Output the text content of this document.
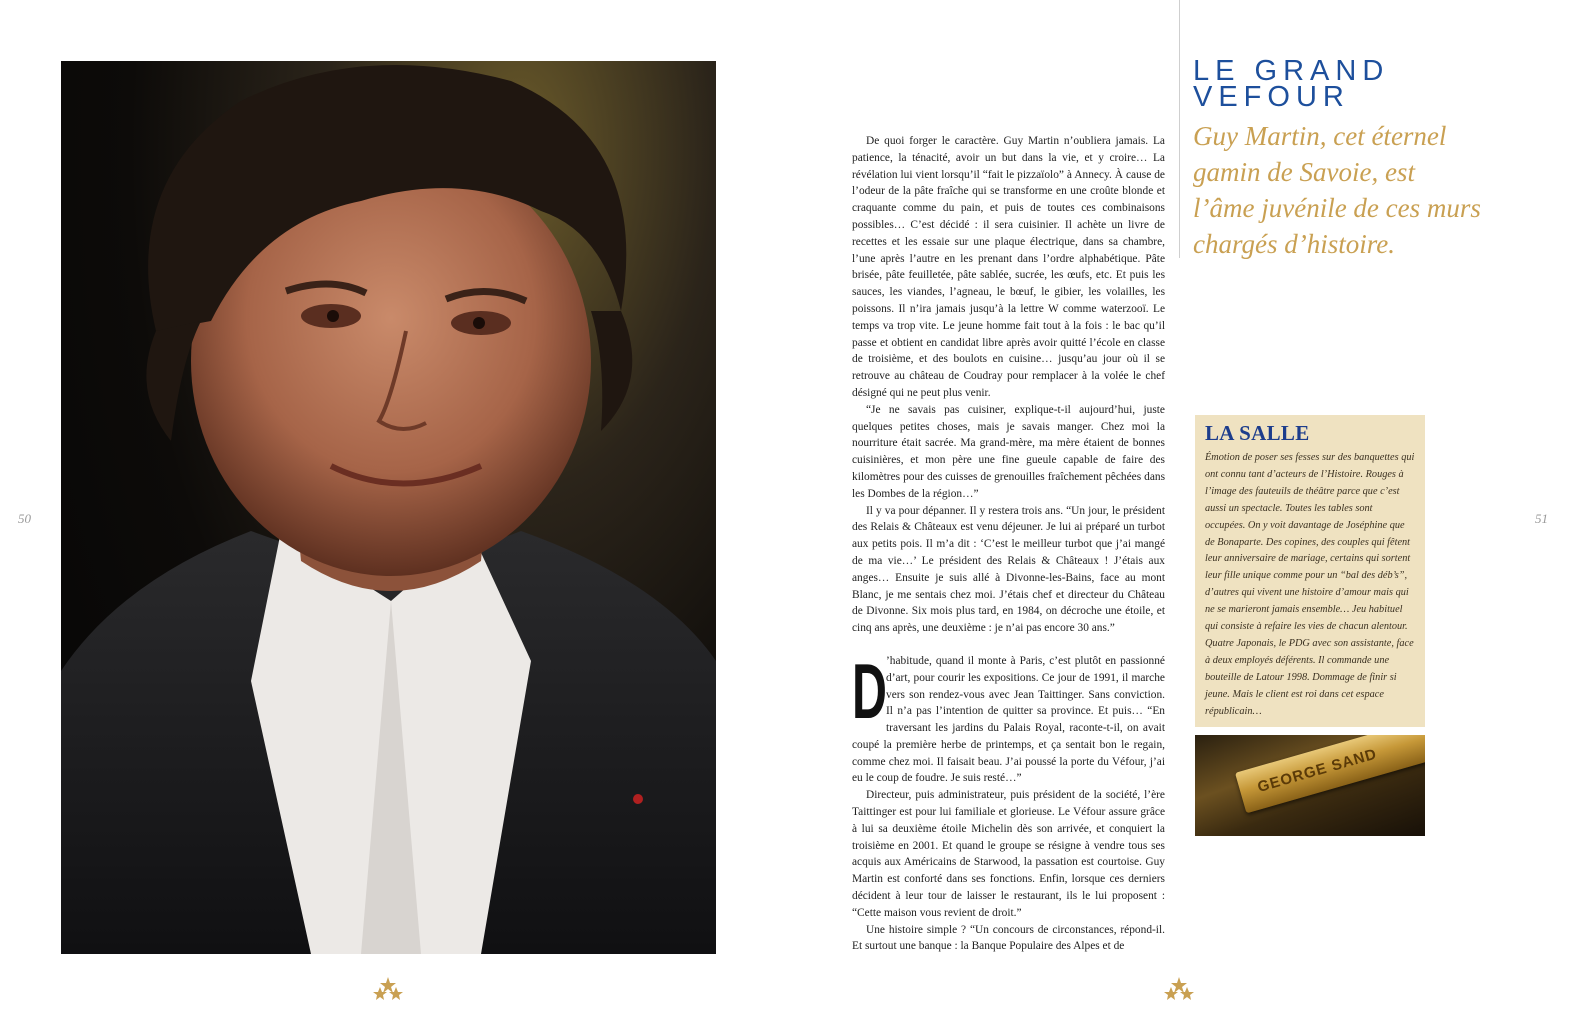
50

De quoi forger le caractère. Guy Martin n’oubliera jamais. La patience, la ténacité, avoir un but dans la vie, et y croire… La révélation lui vient lorsqu’il “fait le pizzaïolo” à Annecy. À cause de l’odeur de la pâte fraîche qui se transforme en une croûte blonde et craquante comme du pain, et puis de toutes ces combinaisons possibles… C’est décidé : il sera cuisinier. Il achète un livre de recettes et les essaie sur une plaque électrique, dans sa chambre, l’une après l’autre en les prenant dans l’ordre alphabétique. Pâte brisée, pâte feuilletée, pâte sablée, sucrée, les œufs, etc. Et puis les sauces, les viandes, l’agneau, le bœuf, le gibier, les volailles, les poissons. Il n’ira jamais jusqu’à la lettre W comme waterzooï. Le temps va trop vite. Le jeune homme fait tout à la fois : le bac qu’il passe et obtient en candidat libre après avoir quitté l’école en classe de troisième, et des boulots en cuisine… jusqu’au jour où il se retrouve au château de Coudray pour remplacer à la volée le chef désigné qui ne peut plus venir.

“Je ne savais pas cuisiner, explique-t-il aujourd’hui, juste quelques petites choses, mais je savais manger. Chez moi la nourriture était sacrée. Ma grand-mère, ma mère étaient de bonnes cuisinières, et mon père une fine gueule capable de faire des kilomètres pour des cuisses de grenouilles fraîchement pêchées dans les Dombes de la région…”

Il y va pour dépanner. Il y restera trois ans. “Un jour, le président des Relais & Châteaux est venu déjeuner. Je lui ai préparé un turbot aux petits pois. Il m’a dit : ‘C’est le meilleur turbot que j’ai mangé de ma vie…’ Le président des Relais & Châteaux ! J’étais aux anges… Ensuite je suis allé à Divonne-les-Bains, face au mont Blanc, je me sentais chez moi. J’étais chef et directeur du Château de Divonne. Six mois plus tard, en 1984, on décroche une étoile, et cinq ans après, une deuxième : je n’ai pas encore 30 ans.”

D ’habitude, quand il monte à Paris, c’est plutôt en passionné d’art, pour courir les expositions. Ce jour de 1991, il marche vers son rendez-vous avec Jean Taittinger. Sans conviction. Il n’a pas l’intention de quitter sa province. Et puis… “En traversant les jardins du Palais Royal, raconte-t-il, on avait coupé la première herbe de printemps, et ça sentait bon le regain, comme chez moi. Il faisait beau. J’ai poussé la porte du Véfour, j’ai eu le coup de foudre. Je suis resté…”

Directeur, puis administrateur, puis président de la société, l’ère Taittinger est pour lui familiale et glorieuse. Le Véfour assure grâce à lui sa deuxième étoile Michelin dès son arrivée, et conquiert la troisième en 2001. Et quand le groupe se résigne à vendre tous ses acquis aux Américains de Starwood, la passation est courtoise. Guy Martin est conforté dans ses fonctions. Enfin, lorsque ces derniers décident à leur tour de laisser le restaurant, ils le lui proposent : “Cette maison vous revient de droit.”

Une histoire simple ? “Un concours de circonstances, répond-il. Et surtout une banque : la Banque Populaire des Alpes et de

LE GRAND
VEFOUR
Guy Martin, cet éternel gamin de Savoie, est l’âme juvénile de ces murs chargés d’histoire.
LA SALLE
Émotion de poser ses fesses sur des banquettes qui ont connu tant d’acteurs de l’Histoire. Rouges à l’image des fauteuils de théâtre parce que c’est aussi un spectacle. Toutes les tables sont occupées. On y voit davantage de Joséphine que de Bonaparte. Des copines, des couples qui fêtent leur anniversaire de mariage, certains qui sortent leur fille unique comme pour un “bal des déb’s”, d’autres qui vivent une histoire d’amour mais qui ne se marieront jamais ensemble… Jeu habituel qui consiste à refaire les vies de chacun alentour. Quatre Japonais, le PDG avec son assistante, face à deux employés déférents. Il commande une bouteille de Latour 1998. Dommage de finir si jeune. Mais le client est roi dans cet espace républicain…
GEORGE SAND
51
